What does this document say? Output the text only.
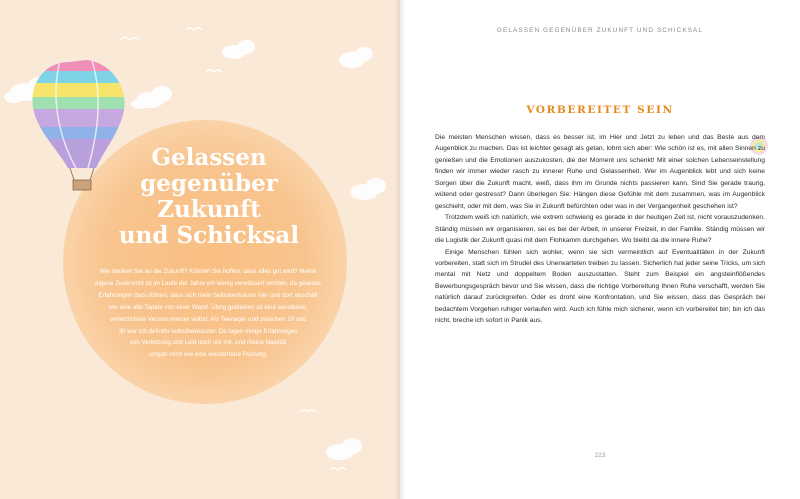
Gelassen
gegenüber
Zukunft
und Schicksal
Wie denken Sie an die Zukunft? Können Sie hoffen, dass alles gut wird? Meine
eigene Zuversicht ist im Laufe der Jahre ein wenig verwässert worden, da gewisse
Erfahrungen dazu führen, dass sich mein Selbstvertrauen hier und dort abschält
wie eine alte Tapete von einer Wand. Übrig geblieben ist eine sensiblere,
verletzlichere Version meiner selbst. Als Teenager und zwischen 20 und
30 war ich definitiv selbstbewusster. Da lagen einige Erfahrungen
von Verletzung und Leid noch vor mir, und meine Naivität
umgab mich wie eine wunderbare Rüstung.
GELASSEN GEGENÜBER ZUKUNFT UND SCHICKSAL
VORBEREITET SEIN

Die meisten Menschen wissen, dass es besser ist, im Hier und Jetzt zu leben und das Beste aus dem Augenblick zu machen. Das ist leichter gesagt als getan, lohnt sich aber: Wie schön ist es, mit allen Sinnen zu genießen und die Emotionen auszukosten, die der Moment uns schenkt! Mit einer solchen Lebenseinstellung finden wir immer wieder rasch zu innerer Ruhe und Gelassenheit. Wer im Augenblick lebt und sich keine Sorgen über die Zukunft macht, weiß, dass ihm im Grunde nichts passieren kann. Sind Sie gerade traurig, wütend oder gestresst? Dann überlegen Sie: Hängen diese Gefühle mit dem zusammen, was im Augenblick geschieht, oder mit dem, was Sie in Zukunft befürchten oder was in der Vergangenheit geschehen ist?

Trotzdem weiß ich natürlich, wie extrem schwierig es gerade in der heutigen Zeit ist, nicht vorauszudenken. Ständig müssen wir organisieren, sei es bei der Arbeit, in unserer Freizeit, in der Familie. Ständig müssen wir die Logistik der Zukunft quasi mit dem Flohkamm durchgehen. Wo bleibt da die innere Ruhe?

Einige Menschen fühlen sich wohler, wenn sie sich vermeintlich auf Eventualitäten in der Zukunft vorbereiten, statt sich im Strudel des Unerwarteten treiben zu lassen. Sicherlich hat jeder seine Tricks, um sich mental mit Netz und doppeltem Boden auszustatten. Steht zum Beispiel ein angsteinflößendes Bewerbungsgespräch bevor und Sie wissen, dass die richtige Vorbereitung Ihnen Ruhe verschafft, werden Sie natürlich darauf zurückgreifen. Oder es droht eine Konfrontation, und Sie wissen, dass das Gespräch bei bedachtem Vorgehen ruhiger verlaufen wird. Auch ich fühle mich sicherer, wenn ich vorbereitet bin; bin ich das nicht, breche ich sofort in Panik aus.

223
